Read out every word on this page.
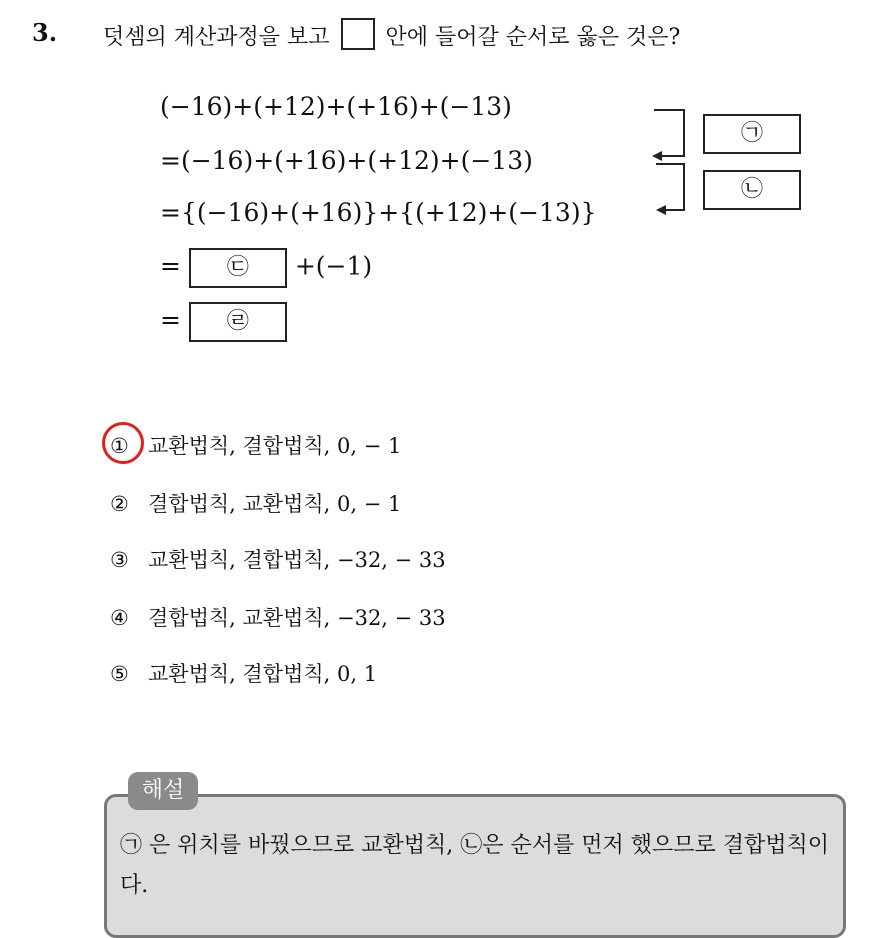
3. 덧셈의 계산과정을 보고	안에 들어갈 순서로 옳은 것은?
(−16)+(+12)+(+16)+(−13)
=(−16)+(+16)+(+12)+(−13)
={(−16)+(+16)}+{(+12)+(−13)}
= ㉢ +(−1)
= ㉣
㉠
㉡
① 교환법칙, 결합법칙, 0, − 1
② 결합법칙, 교환법칙, 0, − 1
③ 교환법칙, 결합법칙, −32, − 33
④ 결합법칙, 교환법칙, −32, − 33
⑤ 교환법칙, 결합법칙, 0, 1
해설
㉠ 은 위치를 바꿨으므로 교환법칙, ㉡은 순서를 먼저 했으므로 결합법칙이다.
